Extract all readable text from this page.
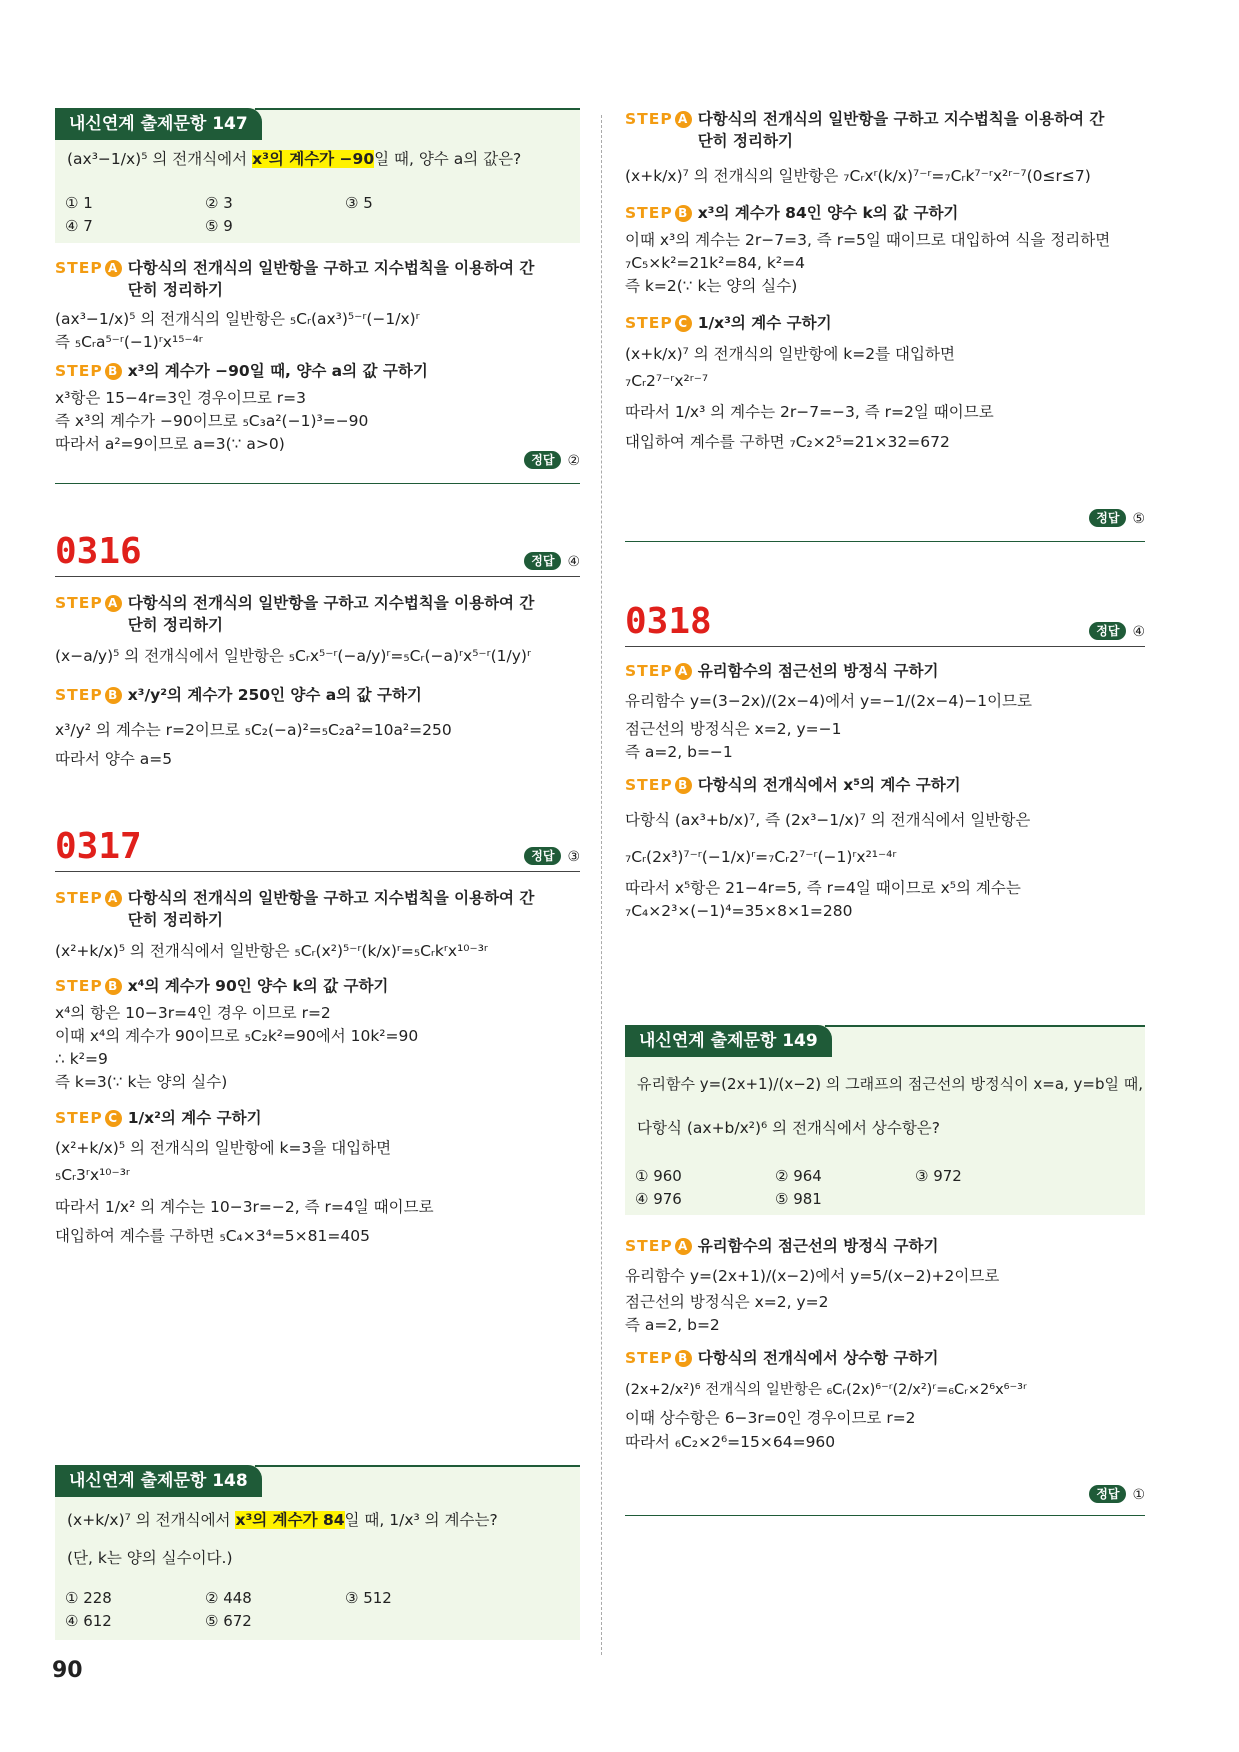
내신연계 출제문항 147
(ax³−1/x)⁵ 의 전개식에서 x³의 계수가 −90일 때, 양수 a의 값은?
① 1	② 3	③ 5
④ 7	⑤ 9
STEP A 다항식의 전개식의 일반항을 구하고 지수법칙을 이용하여 간단히 정리하기
(ax³−1/x)⁵ 의 전개식의 일반항은 ₅Cᵣ(ax³)⁵⁻ʳ(−1/x)ʳ
즉 ₅Cᵣa⁵⁻ʳ(−1)ʳx¹⁵⁻⁴ʳ
STEP B x³의 계수가 −90일 때, 양수 a의 값 구하기
x³항은 15−4r=3인 경우이므로 r=3
즉 x³의 계수가 −90이므로 ₅C₃a²(−1)³=−90
따라서 a²=9이므로 a=3(∵ a>0)
정답 ②
0316	정답 ④
STEP A 다항식의 전개식의 일반항을 구하고 지수법칙을 이용하여 간단히 정리하기
(x−a/y)⁵ 의 전개식에서 일반항은 ₅Cᵣx⁵⁻ʳ(−a/y)ʳ=₅Cᵣ(−a)ʳx⁵⁻ʳ(1/y)ʳ
STEP B x³/y²의 계수가 250인 양수 a의 값 구하기
x³/y² 의 계수는 r=2이므로 ₅C₂(−a)²=₅C₂a²=10a²=250
따라서 양수 a=5
0317	정답 ③
STEP A 다항식의 전개식의 일반항을 구하고 지수법칙을 이용하여 간단히 정리하기
(x²+k/x)⁵ 의 전개식에서 일반항은 ₅Cᵣ(x²)⁵⁻ʳ(k/x)ʳ=₅Cᵣkʳx¹⁰⁻³ʳ
STEP B x⁴의 계수가 90인 양수 k의 값 구하기
x⁴의 항은 10−3r=4인 경우 이므로 r=2
이때 x⁴의 계수가 90이므로 ₅C₂k²=90에서 10k²=90
∴ k²=9
즉 k=3(∵ k는 양의 실수)
STEP C 1/x²의 계수 구하기
(x²+k/x)⁵ 의 전개식의 일반항에 k=3을 대입하면
₅Cᵣ3ʳx¹⁰⁻³ʳ
따라서 1/x² 의 계수는 10−3r=−2, 즉 r=4일 때이므로
대입하여 계수를 구하면 ₅C₄×3⁴=5×81=405
내신연계 출제문항 148
(x+k/x)⁷ 의 전개식에서 x³의 계수가 84일 때, 1/x³ 의 계수는?
(단, k는 양의 실수이다.)
① 228	② 448	③ 512
④ 612	⑤ 672
STEP A 다항식의 전개식의 일반항을 구하고 지수법칙을 이용하여 간단히 정리하기
(x+k/x)⁷ 의 전개식의 일반항은 ₇Cᵣxʳ(k/x)⁷⁻ʳ=₇Cᵣk⁷⁻ʳx²ʳ⁻⁷(0≤r≤7)
STEP B x³의 계수가 84인 양수 k의 값 구하기
이때 x³의 계수는 2r−7=3, 즉 r=5일 때이므로 대입하여 식을 정리하면
₇C₅×k²=21k²=84, k²=4
즉 k=2(∵ k는 양의 실수)
STEP C 1/x³의 계수 구하기
(x+k/x)⁷ 의 전개식의 일반항에 k=2를 대입하면
₇Cᵣ2⁷⁻ʳx²ʳ⁻⁷
따라서 1/x³ 의 계수는 2r−7=−3, 즉 r=2일 때이므로
대입하여 계수를 구하면 ₇C₂×2⁵=21×32=672
정답 ⑤
0318	정답 ④
STEP A 유리함수의 점근선의 방정식 구하기
유리함수 y=(3−2x)/(2x−4)에서 y=−1/(2x−4)−1이므로
점근선의 방정식은 x=2, y=−1
즉 a=2, b=−1
STEP B 다항식의 전개식에서 x⁵의 계수 구하기
다항식 (ax³+b/x)⁷, 즉 (2x³−1/x)⁷ 의 전개식에서 일반항은
₇Cᵣ(2x³)⁷⁻ʳ(−1/x)ʳ=₇Cᵣ2⁷⁻ʳ(−1)ʳx²¹⁻⁴ʳ
따라서 x⁵항은 21−4r=5, 즉 r=4일 때이므로 x⁵의 계수는
₇C₄×2³×(−1)⁴=35×8×1=280
내신연계 출제문항 149
유리함수 y=(2x+1)/(x−2) 의 그래프의 점근선의 방정식이 x=a, y=b일 때,
다항식 (ax+b/x²)⁶ 의 전개식에서 상수항은?
① 960	② 964	③ 972
④ 976	⑤ 981
STEP A 유리함수의 점근선의 방정식 구하기
유리함수 y=(2x+1)/(x−2)에서 y=5/(x−2)+2이므로
점근선의 방정식은 x=2, y=2
즉 a=2, b=2
STEP B 다항식의 전개식에서 상수항 구하기
(2x+2/x²)⁶ 전개식의 일반항은 ₆Cᵣ(2x)⁶⁻ʳ(2/x²)ʳ=₆Cᵣ×2⁶x⁶⁻³ʳ
이때 상수항은 6−3r=0인 경우이므로 r=2
따라서 ₆C₂×2⁶=15×64=960
정답 ①
90
